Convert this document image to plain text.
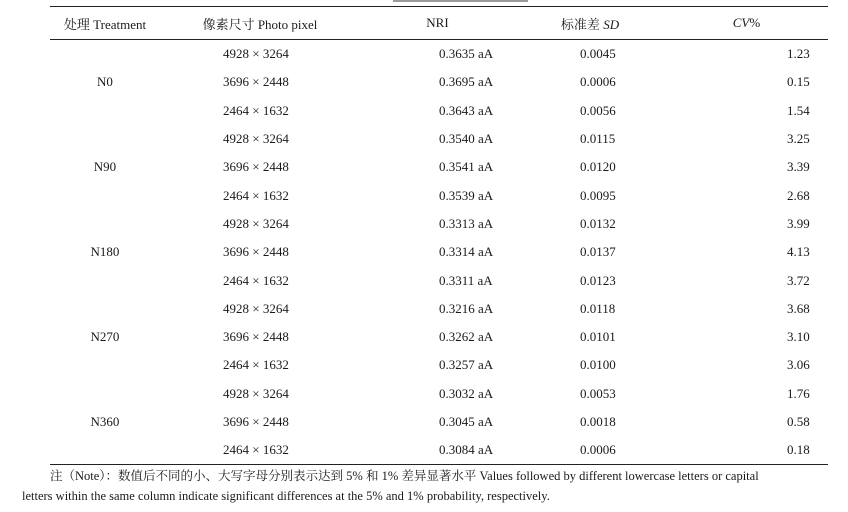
处理 Treatment	像素尺寸 Photo pixel	NRI	标准差 SD	CV%
N0	4928 × 3264	0.3635 aA	0.0045	1.23
	3696 × 2448	0.3695 aA	0.0006	0.15
	2464 × 1632	0.3643 aA	0.0056	1.54
N90	4928 × 3264	0.3540 aA	0.0115	3.25
	3696 × 2448	0.3541 aA	0.0120	3.39
	2464 × 1632	0.3539 aA	0.0095	2.68
N180	4928 × 3264	0.3313 aA	0.0132	3.99
	3696 × 2448	0.3314 aA	0.0137	4.13
	2464 × 1632	0.3311 aA	0.0123	3.72
N270	4928 × 3264	0.3216 aA	0.0118	3.68
	3696 × 2448	0.3262 aA	0.0101	3.10
	2464 × 1632	0.3257 aA	0.0100	3.06
N360	4928 × 3264	0.3032 aA	0.0053	1.76
	3696 × 2448	0.3045 aA	0.0018	0.58
	2464 × 1632	0.3084 aA	0.0006	0.18
注（Note）：数值后不同的小、大写字母分别表示达到 5% 和 1% 差异显著水平 Values followed by different lowercase letters or capital
letters within the same column indicate significant differences at the 5% and 1% probability, respectively.
